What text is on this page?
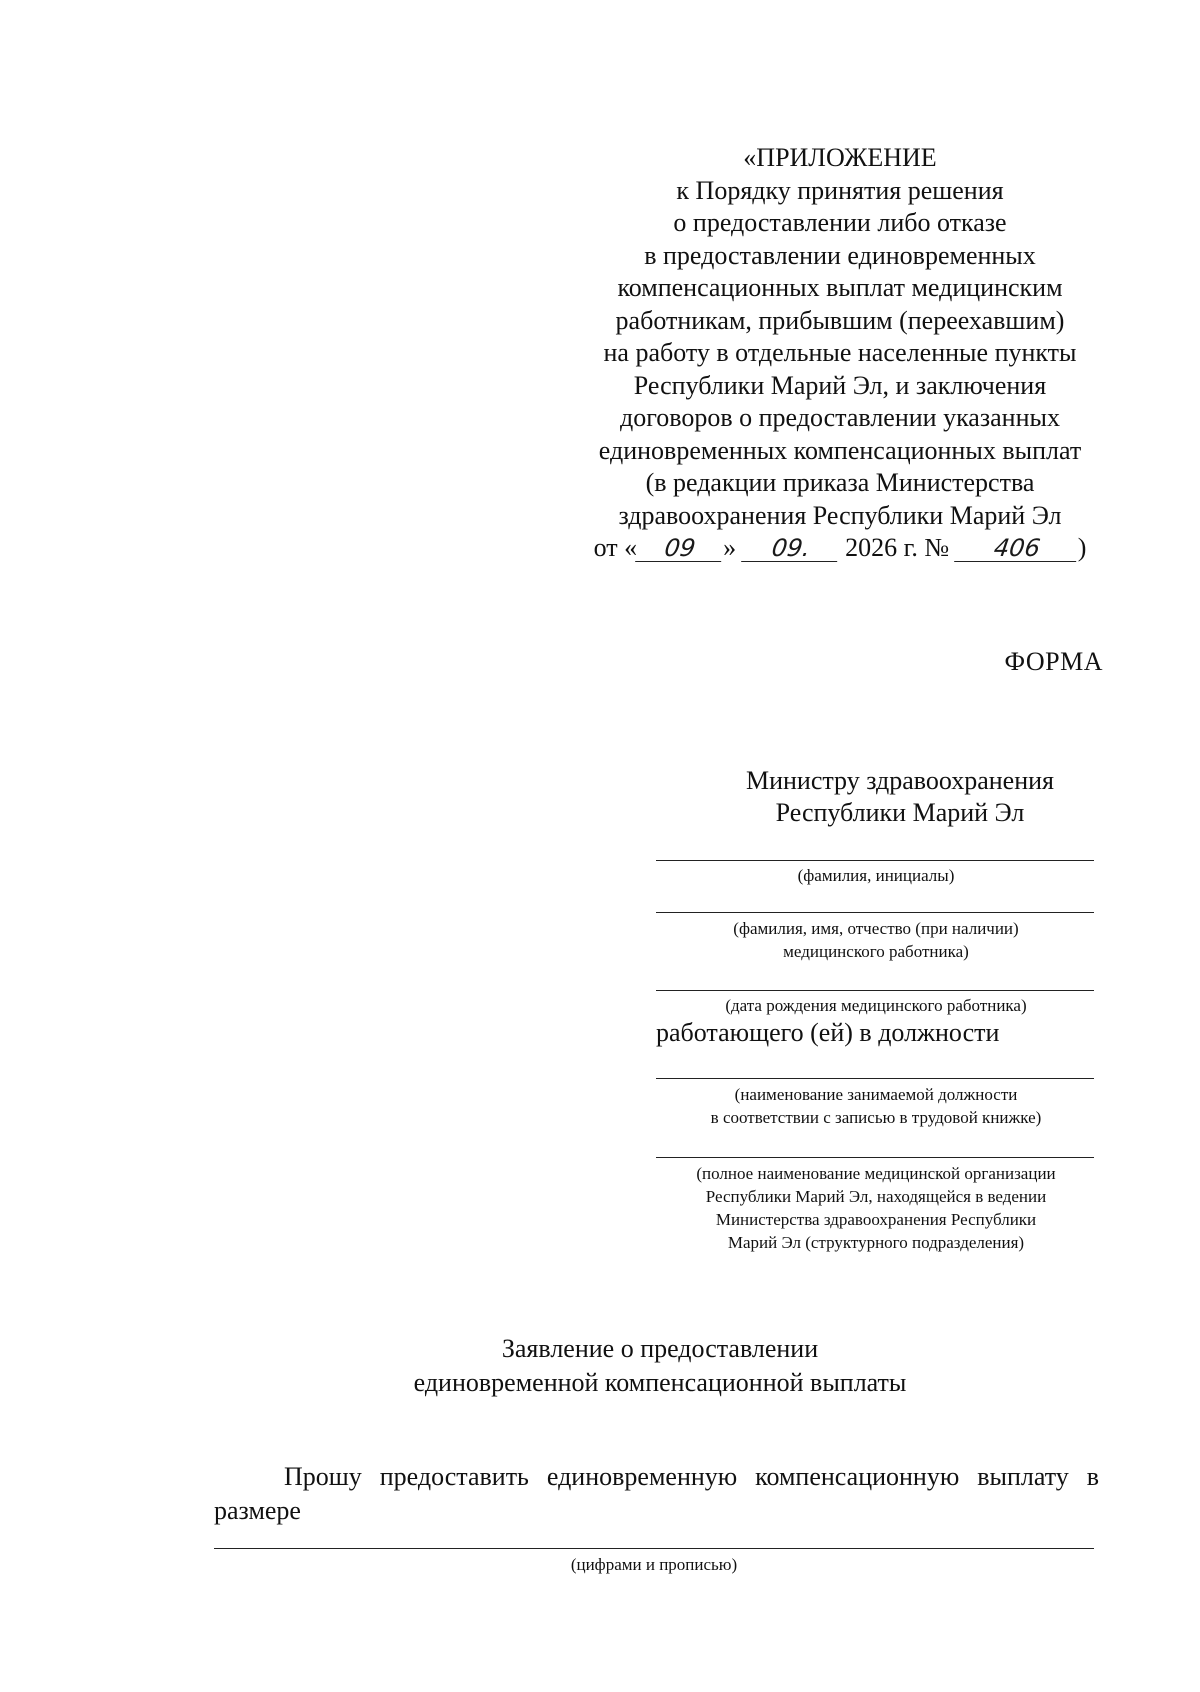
«ПРИЛОЖЕНИЕ
к Порядку принятия решения
о предоставлении либо отказе
в предоставлении единовременных
компенсационных выплат медицинским
работникам, прибывшим (переехавшим)
на работу в отдельные населенные пункты
Республики Марий Эл, и заключения
договоров о предоставлении указанных
единовременных компенсационных выплат
(в редакции приказа Министерства
здравоохранения Республики Марий Эл
от « 09 » 09. 2026 г. № 406 )
ФОРМА
Министру здравоохранения
Республики Марий Эл
(фамилия, инициалы)
(фамилия, имя, отчество (при наличии)
медицинского работника)
(дата рождения медицинского работника)
работающего (ей) в должности
(наименование занимаемой должности
в соответствии с записью в трудовой книжке)
(полное наименование медицинской организации
Республики Марий Эл, находящейся в ведении
Министерства здравоохранения Республики
Марий Эл (структурного подразделения)
Заявление о предоставлении
единовременной компенсационной выплаты
Прошу предоставить единовременную компенсационную выплату в размере
(цифрами и прописью)
